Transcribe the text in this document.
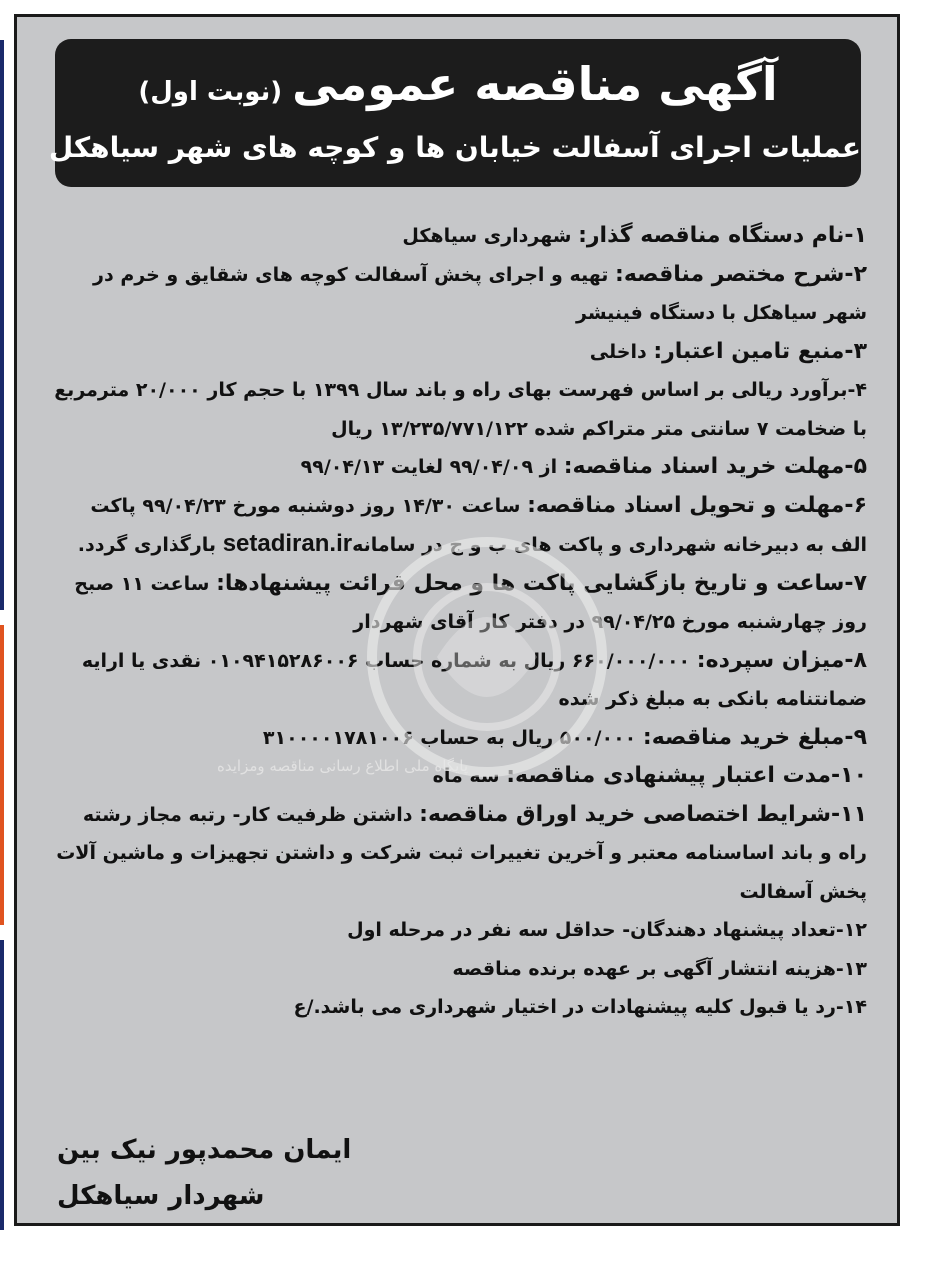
آگهی مناقصه عمومی(نوبت اول)
عملیات اجرای آسفالت خیابان ها و کوچه های شهر سیاهکل

۱-نام دستگاه مناقصه گذار: شهرداری سیاهکل

۲-شرح مختصر مناقصه: تهیه و اجرای پخش آسفالت کوچه های شقایق و خرم در شهر سیاهکل با دستگاه فینیشر

۳-منبع تامین اعتبار: داخلی

۴-برآورد ریالی بر اساس فهرست بهای راه و باند سال ۱۳۹۹ با حجم کار ۲۰/۰۰۰ مترمربع با ضخامت ۷ سانتی متر متراکم شده ۱۳/۲۳۵/۷۷۱/۱۲۲ ریال

۵-مهلت خرید اسناد مناقصه: از ۹۹/۰۴/۰۹ لغایت ۹۹/۰۴/۱۳

۶-مهلت و تحویل اسناد مناقصه: ساعت ۱۴/۳۰ روز دوشنبه مورخ ۹۹/۰۴/۲۳ پاکت الف به دبیرخانه شهرداری و پاکت های ب و ج در سامانهsetadiran.ir بارگذاری گردد.

۷-ساعت و تاریخ بازگشایی پاکت ها و محل قرائت پیشنهادها: ساعت ۱۱ صبح روز چهارشنبه مورخ ۹۹/۰۴/۲۵ در دفتر کار آقای شهردار

۸-میزان سپرده: ۶۶۰/۰۰۰/۰۰۰ ریال به شماره حساب ۰۱۰۹۴۱۵۲۸۶۰۰۶ نقدی یا ارایه ضمانتنامه بانکی به مبلغ ذکر شده

۹-مبلغ خرید مناقصه: ۵۰۰/۰۰۰ ریال به حساب ۳۱۰۰۰۰۱۷۸۱۰۰۶

۱۰-مدت اعتبار پیشنهادی مناقصه: سه ماه

۱۱-شرایط اختصاصی خرید اوراق مناقصه: داشتن ظرفیت کار- رتبه مجاز رشته راه و باند اساسنامه معتبر و آخرین تغییرات ثبت شرکت و داشتن تجهیزات و ماشین آلات پخش آسفالت

۱۲-تعداد پیشنهاد دهندگان- حداقل سه نفر در مرحله اول

۱۳-هزینه انتشار آگهی بر عهده برنده مناقصه

۱۴-رد یا قبول کلیه پیشنهادات در اختیار شهرداری می باشد./ع

ایمان محمدپور نیک بین
شهردار سیاهکل
پایگاه ملی اطلاع رسانی مناقصه ومزایده
